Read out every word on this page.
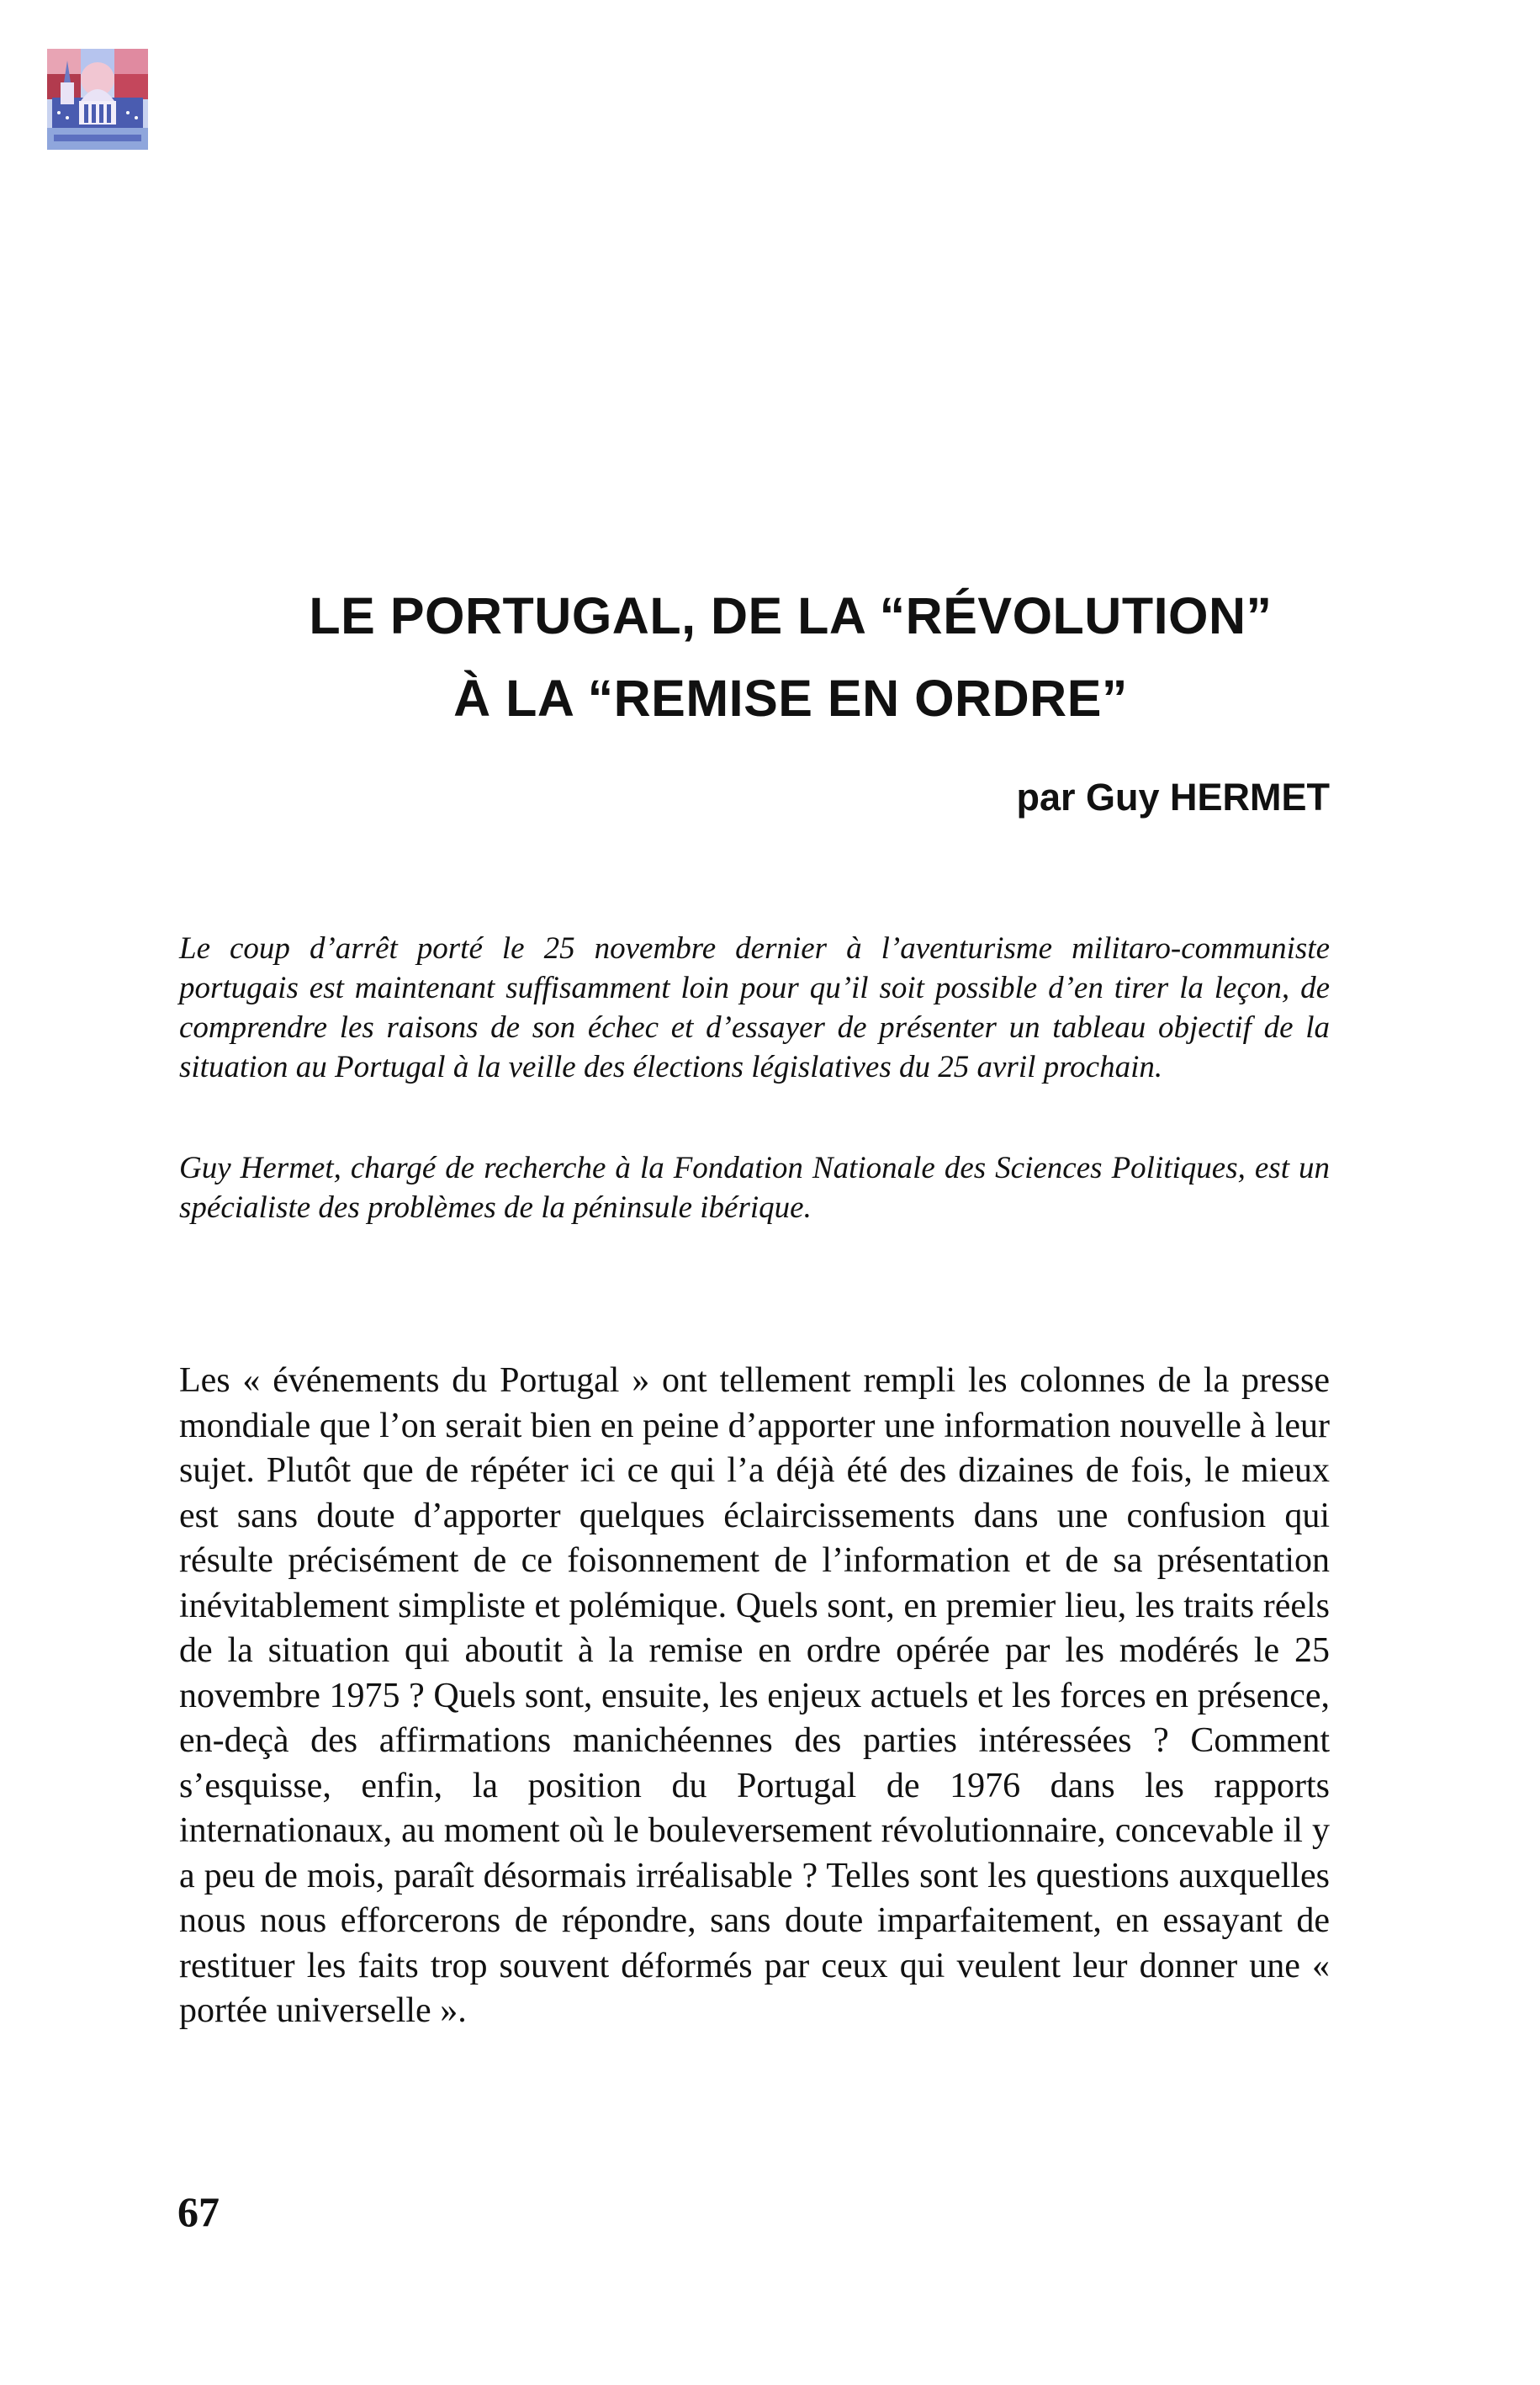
LE PORTUGAL, DE LA “RÉVOLUTION”
À LA “REMISE EN ORDRE”
par Guy HERMET

Le coup d’arrêt porté le 25 novembre dernier à l’aventurisme militaro-communiste portugais est maintenant suffisamment loin pour qu’il soit possible d’en tirer la leçon, de comprendre les raisons de son échec et d’essayer de présenter un tableau objectif de la situation au Portugal à la veille des élections législatives du 25 avril prochain.

Guy Hermet, chargé de recherche à la Fondation Nationale des Sciences Politiques, est un spécialiste des problèmes de la péninsule ibérique.

Les « événements du Portugal » ont tellement rempli les colonnes de la presse mondiale que l’on serait bien en peine d’apporter une information nouvelle à leur sujet. Plutôt que de répéter ici ce qui l’a déjà été des dizaines de fois, le mieux est sans doute d’apporter quelques éclaircissements dans une confusion qui résulte précisément de ce foisonnement de l’information et de sa présentation inévitablement simpliste et polémique. Quels sont, en premier lieu, les traits réels de la situation qui aboutit à la remise en ordre opérée par les modérés le 25 novembre 1975 ? Quels sont, ensuite, les enjeux actuels et les forces en présence, en-deçà des affirmations manichéennes des parties intéressées ? Comment s’esquisse, enfin, la position du Portugal de 1976 dans les rapports internationaux, au moment où le bouleversement révolutionnaire, concevable il y a peu de mois, paraît désormais irréalisable ? Telles sont les questions auxquelles nous nous efforcerons de répondre, sans doute imparfaitement, en essayant de restituer les faits trop souvent déformés par ceux qui veulent leur donner une « portée universelle ».

67
